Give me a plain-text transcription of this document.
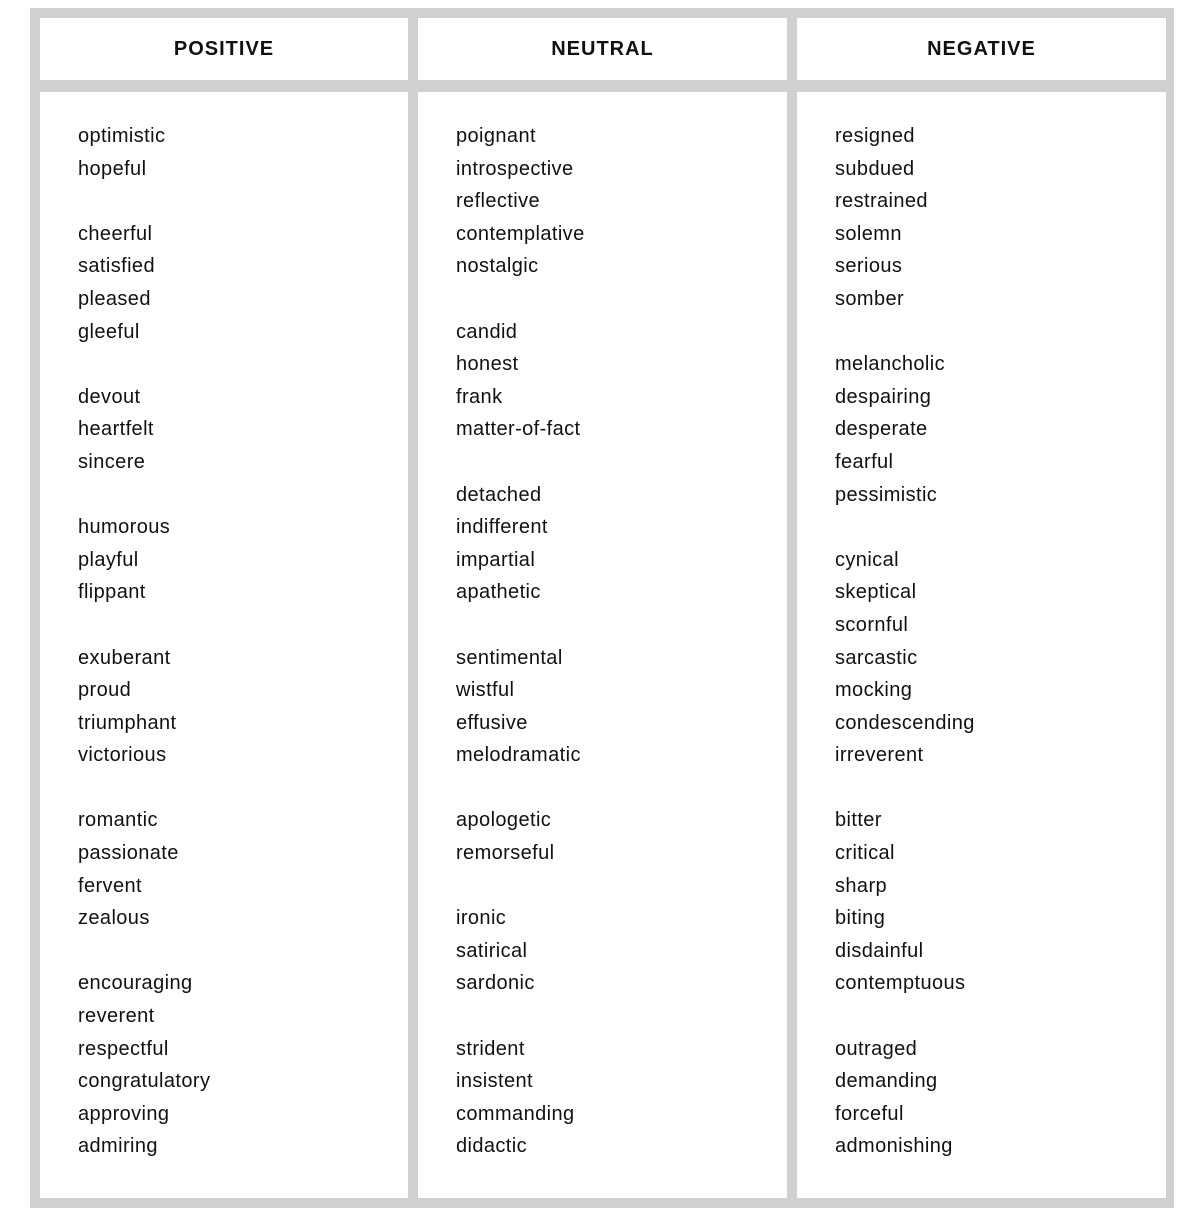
POSITIVE	NEUTRAL	NEGATIVE
optimistic
hopeful
cheerful
satisfied
pleased
gleeful
devout
heartfelt
sincere
humorous
playful
flippant
exuberant
proud
triumphant
victorious
romantic
passionate
fervent
zealous
encouraging
reverent
respectful
congratulatory
approving
admiring
poignant
introspective
reflective
contemplative
nostalgic
candid
honest
frank
matter-of-fact
detached
indifferent
impartial
apathetic
sentimental
wistful
effusive
melodramatic
apologetic
remorseful
ironic
satirical
sardonic
strident
insistent
commanding
didactic
resigned
subdued
restrained
solemn
serious
somber
melancholic
despairing
desperate
fearful
pessimistic
cynical
skeptical
scornful
sarcastic
mocking
condescending
irreverent
bitter
critical
sharp
biting
disdainful
contemptuous
outraged
demanding
forceful
admonishing
